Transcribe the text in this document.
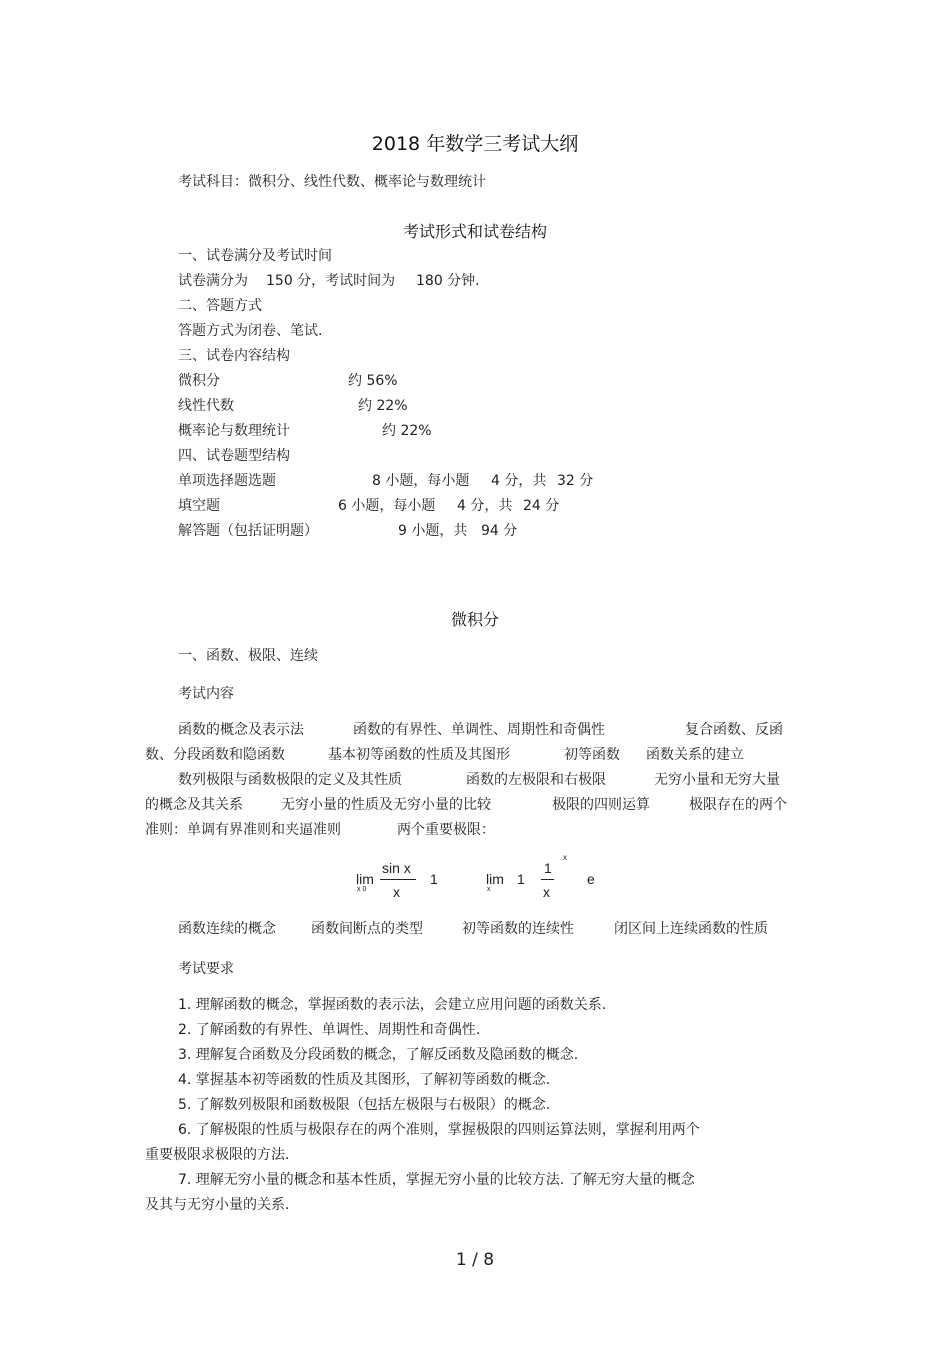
2018 年数学三考试大纲
考试科目：微积分、线性代数、概率论与数理统计
考试形式和试卷结构
一、试卷满分及考试时间
试卷满分为 150 分，考试时间为 180 分钟.
二、答题方式
答题方式为闭卷、笔试.
三、试卷内容结构
微积分	约 56%
线性代数	约 22%
概率论与数理统计	约 22%
四、试卷题型结构
单项选择题选题	8 小题，每小题 4 分，共 32 分
填空题	6 小题，每小题 4 分，共 24 分
解答题（包括证明题）	9 小题，共 94 分
微积分
一、函数、极限、连续
考试内容
函数的概念及表示法	函数的有界性、单调性、周期性和奇偶性	复合函数、反函
数、分段函数和隐函数	基本初等函数的性质及其图形	初等函数 函数关系的建立
数列极限与函数极限的定义及其性质	函数的左极限和右极限	无穷小量和无穷大量
的概念及其关系	无穷小量的性质及无穷小量的比较	极限的四则运算	极限存在的两个
准则：单调有界准则和夹逼准则	两个重要极限：
lim
x 0
sin x
x
1	lim
x
1
1
x
x
e
函数连续的概念	函数间断点的类型	初等函数的连续性	闭区间上连续函数的性质
考试要求
1. 理解函数的概念，掌握函数的表示法，会建立应用问题的函数关系.
2. 了解函数的有界性、单调性、周期性和奇偶性.
3. 理解复合函数及分段函数的概念，了解反函数及隐函数的概念.
4. 掌握基本初等函数的性质及其图形，了解初等函数的概念.
5. 了解数列极限和函数极限（包括左极限与右极限）的概念.
6. 了解极限的性质与极限存在的两个准则，掌握极限的四则运算法则，掌握利用两个
重要极限求极限的方法.
7. 理解无穷小量的概念和基本性质，掌握无穷小量的比较方法. 了解无穷大量的概念
及其与无穷小量的关系.
1 / 8
